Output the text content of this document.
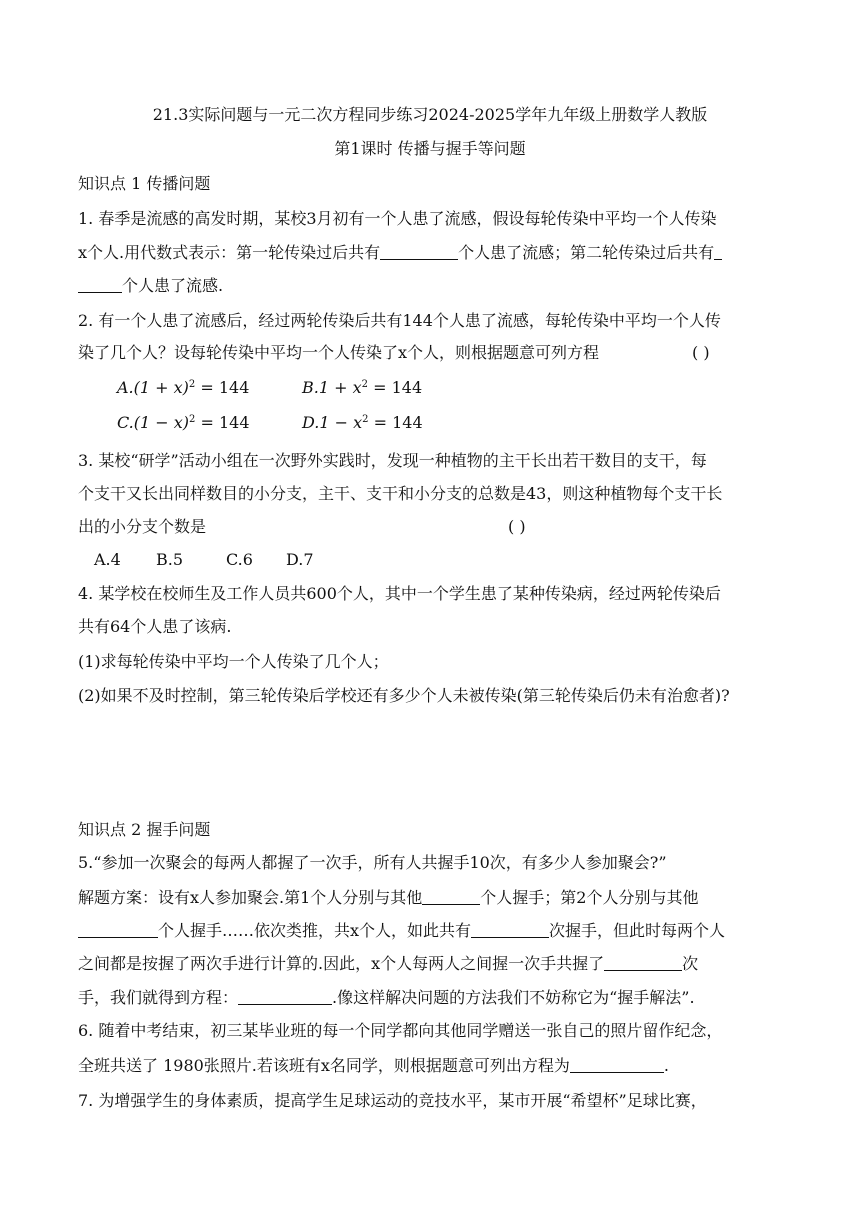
21.3实际问题与一元二次方程同步练习2024-2025学年九年级上册数学人教版
第1课时 传播与握手等问题
知识点 1 传播问题
1. 春季是流感的高发时期，某校3月初有一个人患了流感，假设每轮传染中平均一个人传染
x个人.用代数式表示：第一轮传染过后共有	个人患了流感；第二轮传染过后共有
个人患了流感.
2. 有一个人患了流感后，经过两轮传染后共有144个人患了流感，每轮传染中平均一个人传
染了几个人？设每轮传染中平均一个人传染了x个人，则根据题意可列方程	( )
$A.(1 + x)^2 = 144$	$B.1 + x^2 = 144$
$C.(1 - x)^2 = 144$	$D.1 - x^2 = 144$
3. 某校“研学”活动小组在一次野外实践时，发现一种植物的主干长出若干数目的支干，每
个支干又长出同样数目的小分支，主干、支干和小分支的总数是43，则这种植物每个支干长
出的小分支个数是	( )
A.4 B.5	C.6 D.7
4. 某学校在校师生及工作人员共600个人，其中一个学生患了某种传染病，经过两轮传染后
共有64个人患了该病.
(1)求每轮传染中平均一个人传染了几个人；
(2)如果不及时控制，第三轮传染后学校还有多少个人未被传染(第三轮传染后仍未有治愈者)?
知识点 2 握手问题
5.“参加一次聚会的每两人都握了一次手，所有人共握手10次，有多少人参加聚会?”
解题方案：设有x人参加聚会.第1个人分别与其他	个人握手；第2个人分别与其他
个人握手……依次类推，共x个人，如此共有	次握手，但此时每两个人
之间都是按握了两次手进行计算的.因此，x个人每两人之间握一次手共握了	次
手，我们就得到方程：	.像这样解决问题的方法我们不妨称它为“握手解法”.
6. 随着中考结束，初三某毕业班的每一个同学都向其他同学赠送一张自己的照片留作纪念，
全班共送了 1980张照片.若该班有x名同学，则根据题意可列出方程为	.
7. 为增强学生的身体素质，提高学生足球运动的竞技水平，某市开展“希望杯”足球比赛，
